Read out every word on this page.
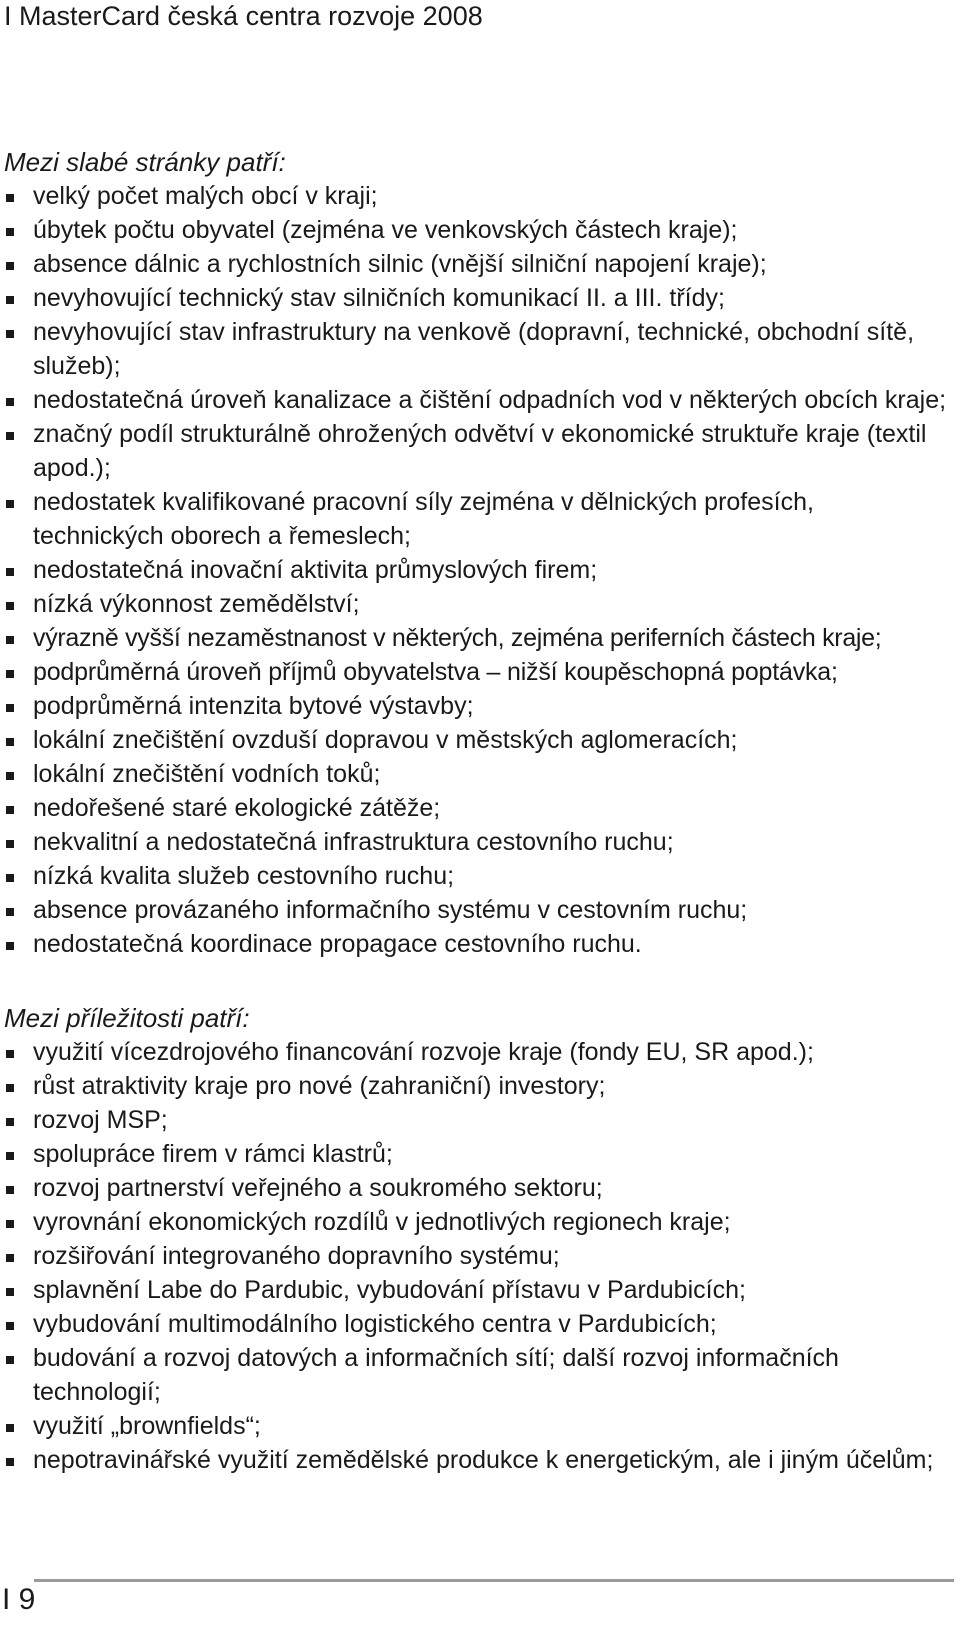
I MasterCard česká centra rozvoje 2008

Mezi slabé stránky patří:

velký počet malých obcí v kraji;
úbytek počtu obyvatel (zejména ve venkovských částech kraje);
absence dálnic a rychlostních silnic (vnější silniční napojení kraje);
nevyhovující technický stav silničních komunikací II. a III. třídy;
nevyhovující stav infrastruktury na venkově (dopravní, technické, obchodní sítě, služeb);
nedostatečná úroveň kanalizace a čištění odpadních vod v některých obcích kraje;
značný podíl strukturálně ohrožených odvětví v ekonomické struktuře kraje (textil apod.);
nedostatek kvalifikované pracovní síly zejména v dělnických profesích, technických oborech a řemeslech;
nedostatečná inovační aktivita průmyslových firem;
nízká výkonnost zemědělství;
výrazně vyšší nezaměstnanost v některých, zejména periferních částech kraje;
podprůměrná úroveň příjmů obyvatelstva – nižší koupěschopná poptávka;
podprůměrná intenzita bytové výstavby;
lokální znečištění ovzduší dopravou v městských aglomeracích;
lokální znečištění vodních toků;
nedořešené staré ekologické zátěže;
nekvalitní a nedostatečná infrastruktura cestovního ruchu;
nízká kvalita služeb cestovního ruchu;
absence provázaného informačního systému v cestovním ruchu;
nedostatečná koordinace propagace cestovního ruchu.

Mezi příležitosti patří:

využití vícezdrojového financování rozvoje kraje (fondy EU, SR apod.);
růst atraktivity kraje pro nové (zahraniční) investory;
rozvoj MSP;
spolupráce firem v rámci klastrů;
rozvoj partnerství veřejného a soukromého sektoru;
vyrovnání ekonomických rozdílů v jednotlivých regionech kraje;
rozšiřování integrovaného dopravního systému;
splavnění Labe do Pardubic, vybudování přístavu v Pardubicích;
vybudování multimodálního logistického centra v Pardubicích;
budování a rozvoj datových a informačních sítí; další rozvoj informačních technologií;
využití „brownfields“;
nepotravinářské využití zemědělské produkce k energetickým, ale i jiným účelům;
I 9
